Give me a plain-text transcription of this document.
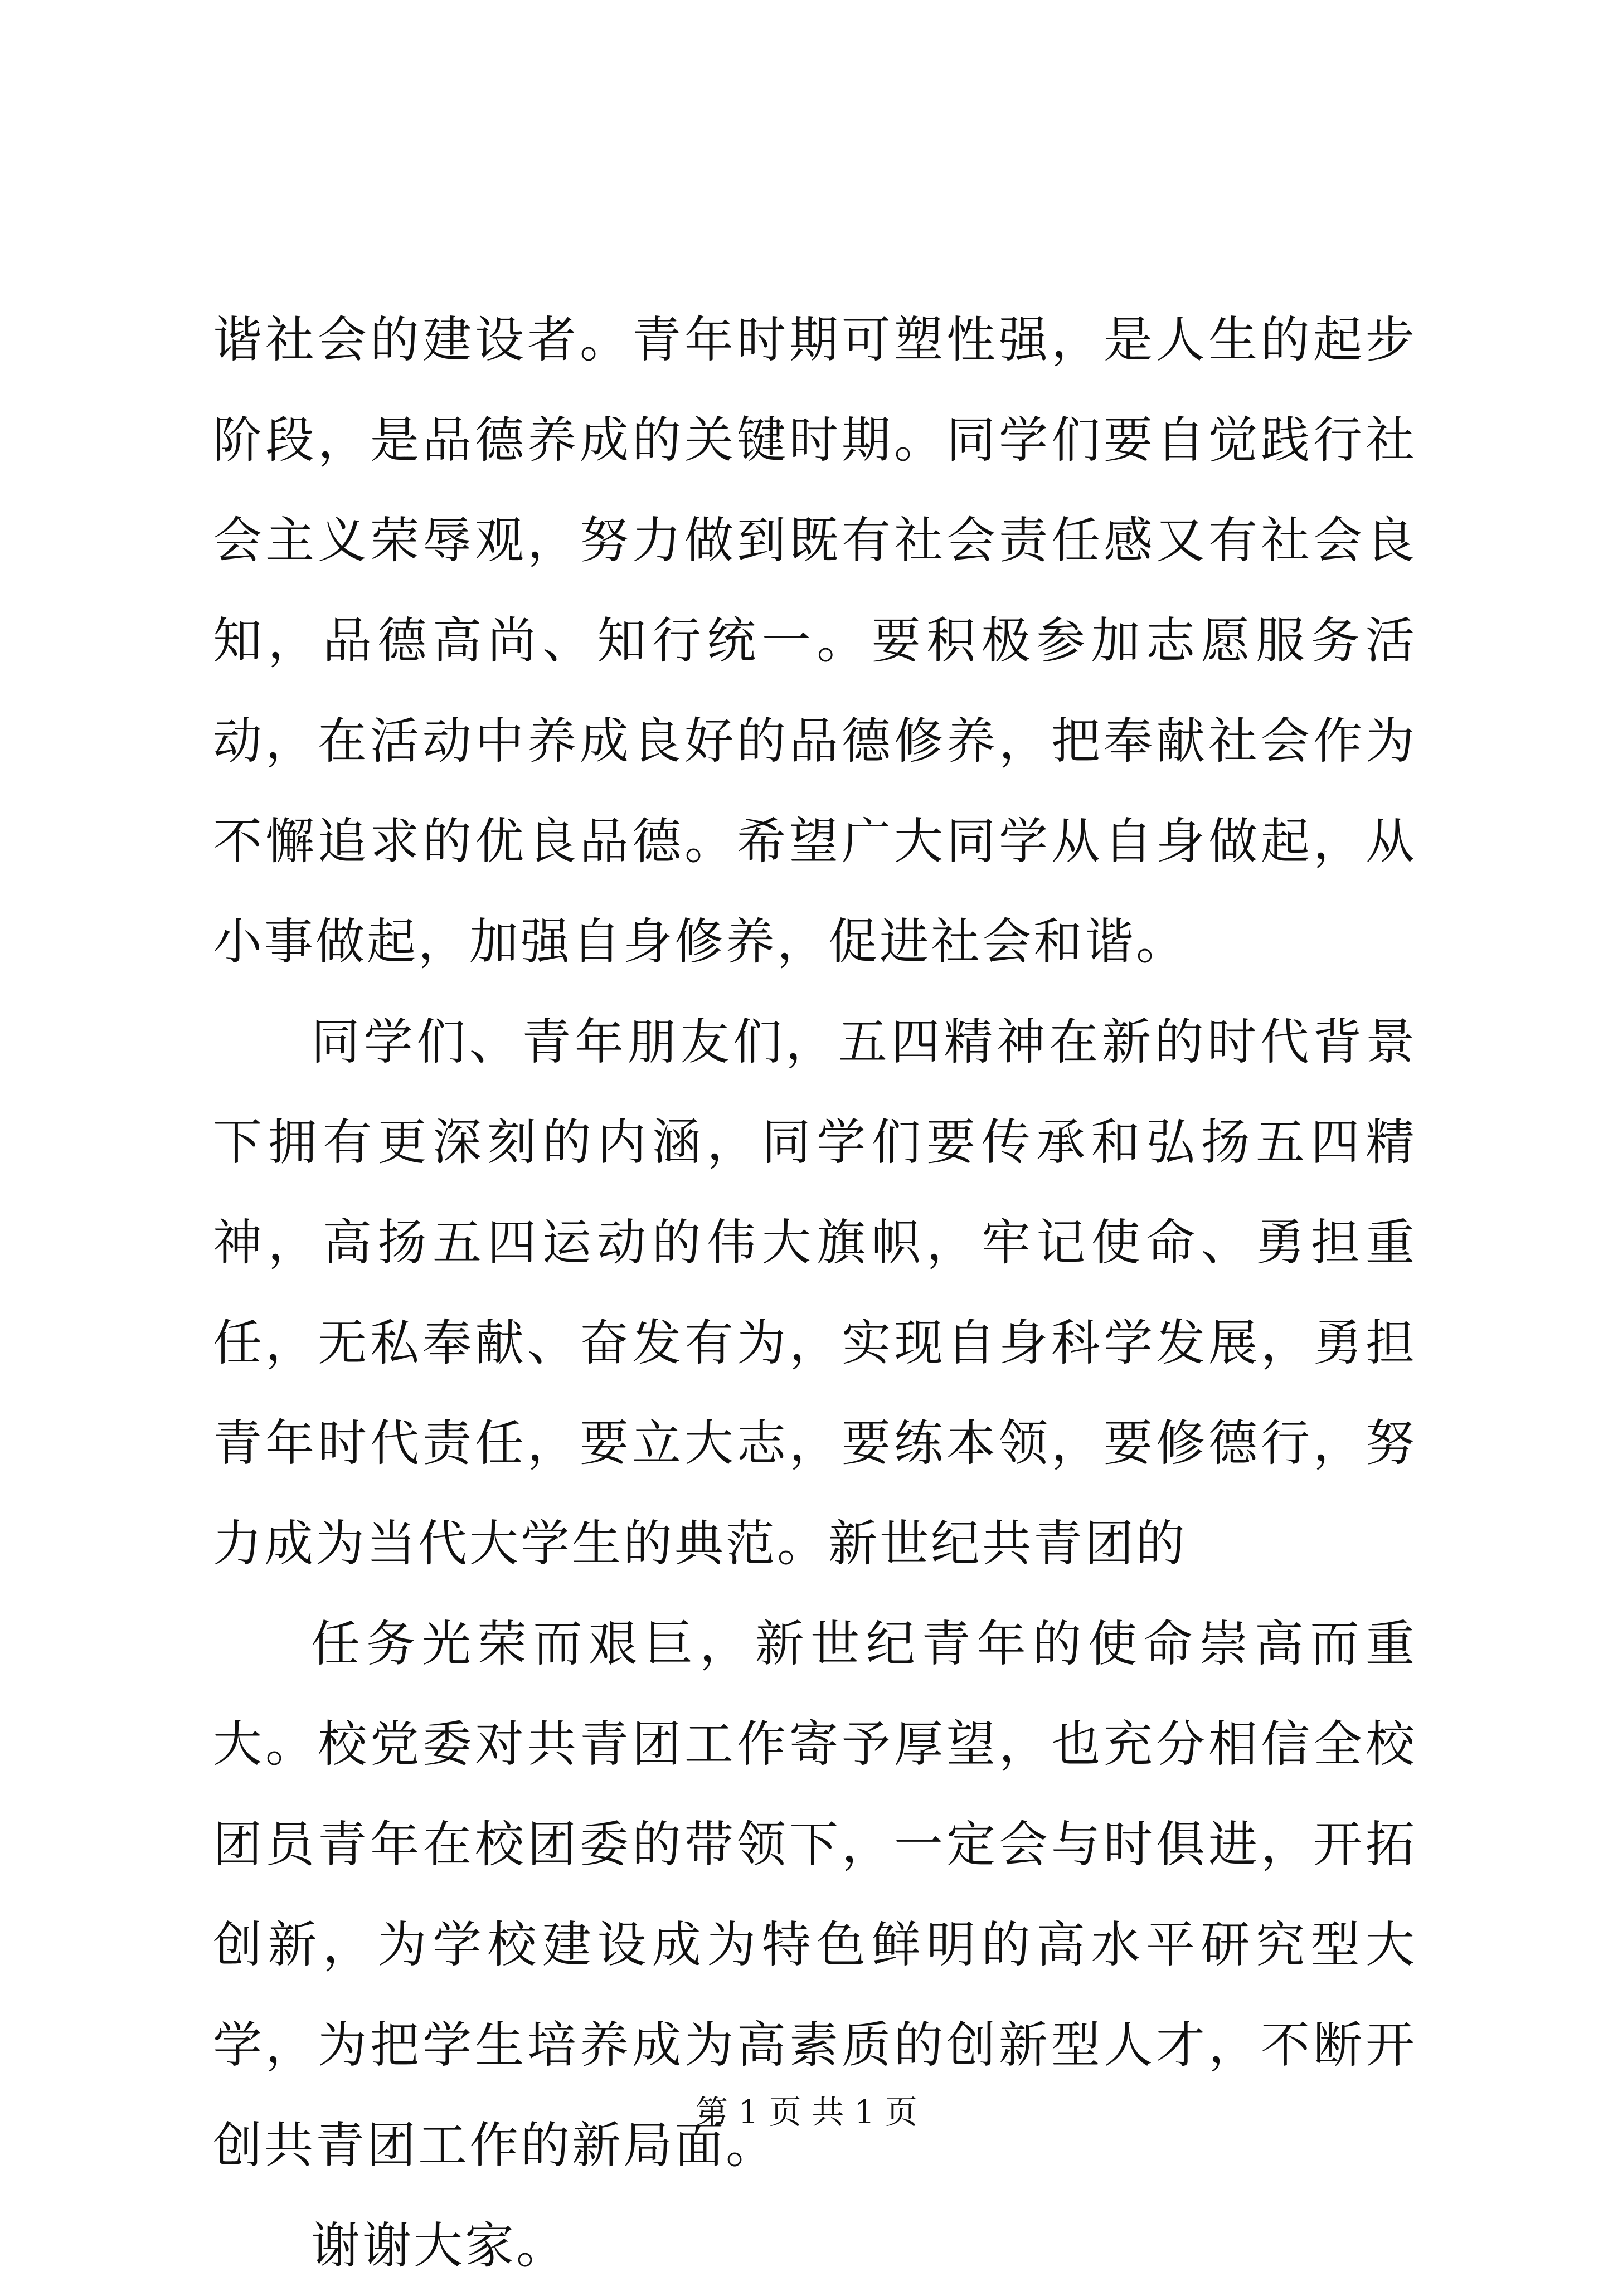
谐社会的建设者。青年时期可塑性强，是人生的起步阶段，是品德养成的关键时期。同学们要自觉践行社会主义荣辱观，努力做到既有社会责任感又有社会良知，品德高尚、知行统一。要积极参加志愿服务活动，在活动中养成良好的品德修养，把奉献社会作为不懈追求的优良品德。希望广大同学从自身做起，从小事做起，加强自身修养，促进社会和谐。

同学们、青年朋友们，五四精神在新的时代背景下拥有更深刻的内涵，同学们要传承和弘扬五四精神，高扬五四运动的伟大旗帜，牢记使命、勇担重任，无私奉献、奋发有为，实现自身科学发展，勇担青年时代责任，要立大志，要练本领，要修德行，努力成为当代大学生的典范。新世纪共青团的

任务光荣而艰巨，新世纪青年的使命崇高而重大。校党委对共青团工作寄予厚望，也充分相信全校团员青年在校团委的带领下，一定会与时俱进，开拓创新，为学校建设成为特色鲜明的高水平研究型大学，为把学生培养成为高素质的创新型人才，不断开创共青团工作的新局面。

谢谢大家。

第 1 页 共 1 页
